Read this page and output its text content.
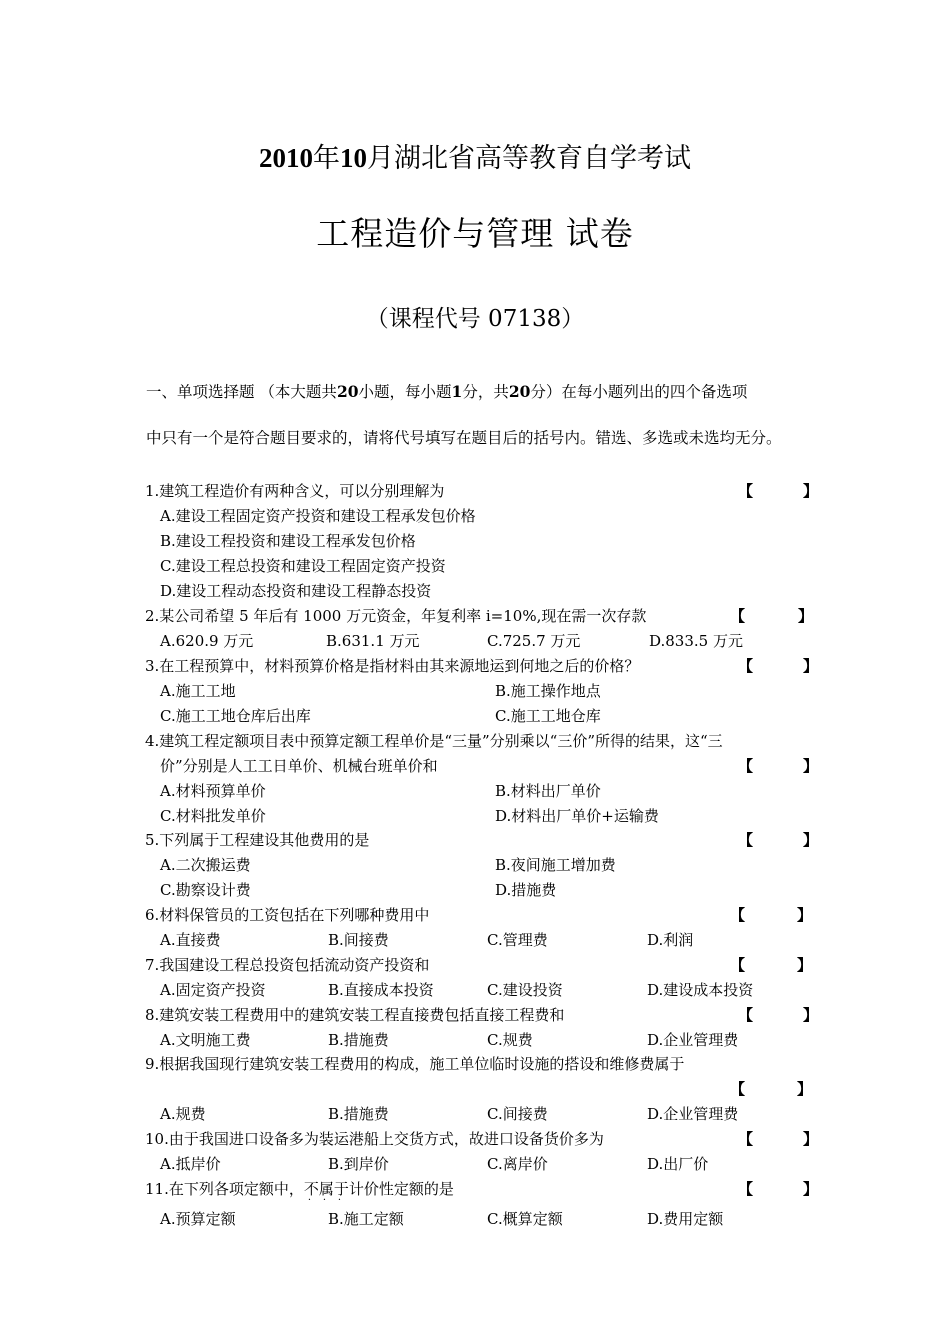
2010年10月湖北省高等教育自学考试
工程造价与管理 试卷
（课程代号 07138）
一、单项选择题 （本大题共20小题，每小题1分，共20分）在每小题列出的四个备选项
中只有一个是符合题目要求的，请将代号填写在题目后的括号内。错选、多选或未选均无分。
1.建筑工程造价有两种含义，可以分别理解为	【	】
A.建设工程固定资产投资和建设工程承发包价格
B.建设工程投资和建设工程承发包价格
C.建设工程总投资和建设工程固定资产投资
D.建设工程动态投资和建设工程静态投资
2.某公司希望 5 年后有 1000 万元资金，年复利率 i=10%,现在需一次存款	【	】
A.620.9 万元	B.631.1 万元	C.725.7 万元	D.833.5 万元
3.在工程预算中，材料预算价格是指材料由其来源地运到何地之后的价格？	【	】
A.施工工地	B.施工操作地点
C.施工工地仓库后出库	C.施工工地仓库
4.建筑工程定额项目表中预算定额工程单价是“三量”分别乘以“三价”所得的结果，这“三
价”分别是人工工日单价、机械台班单价和	【	】
A.材料预算单价	B.材料出厂单价
C.材料批发单价	D.材料出厂单价+运输费
5.下列属于工程建设其他费用的是	【	】
A.二次搬运费	B.夜间施工增加费
C.勘察设计费	D.措施费
6.材料保管员的工资包括在下列哪种费用中	【	】
A.直接费	B.间接费	C.管理费	D.利润
7.我国建设工程总投资包括流动资产投资和	【	】
A.固定资产投资	B.直接成本投资	C.建设投资	D.建设成本投资
8.建筑安装工程费用中的建筑安装工程直接费包括直接工程费和	【	】
A.文明施工费	B.措施费	C.规费	D.企业管理费
9.根据我国现行建筑安装工程费用的构成，施工单位临时设施的搭设和维修费属于
【	】
A.规费	B.措施费	C.间接费	D.企业管理费
10.由于我国进口设备多为装运港船上交货方式，故进口设备货价多为	【	】
A.抵岸价	B.到岸价	C.离岸价	D.出厂价
11.在下列各项定额中，不属于
· · ·
计价性定额的是	【	】
A.预算定额	B.施工定额	C.概算定额	D.费用定额
